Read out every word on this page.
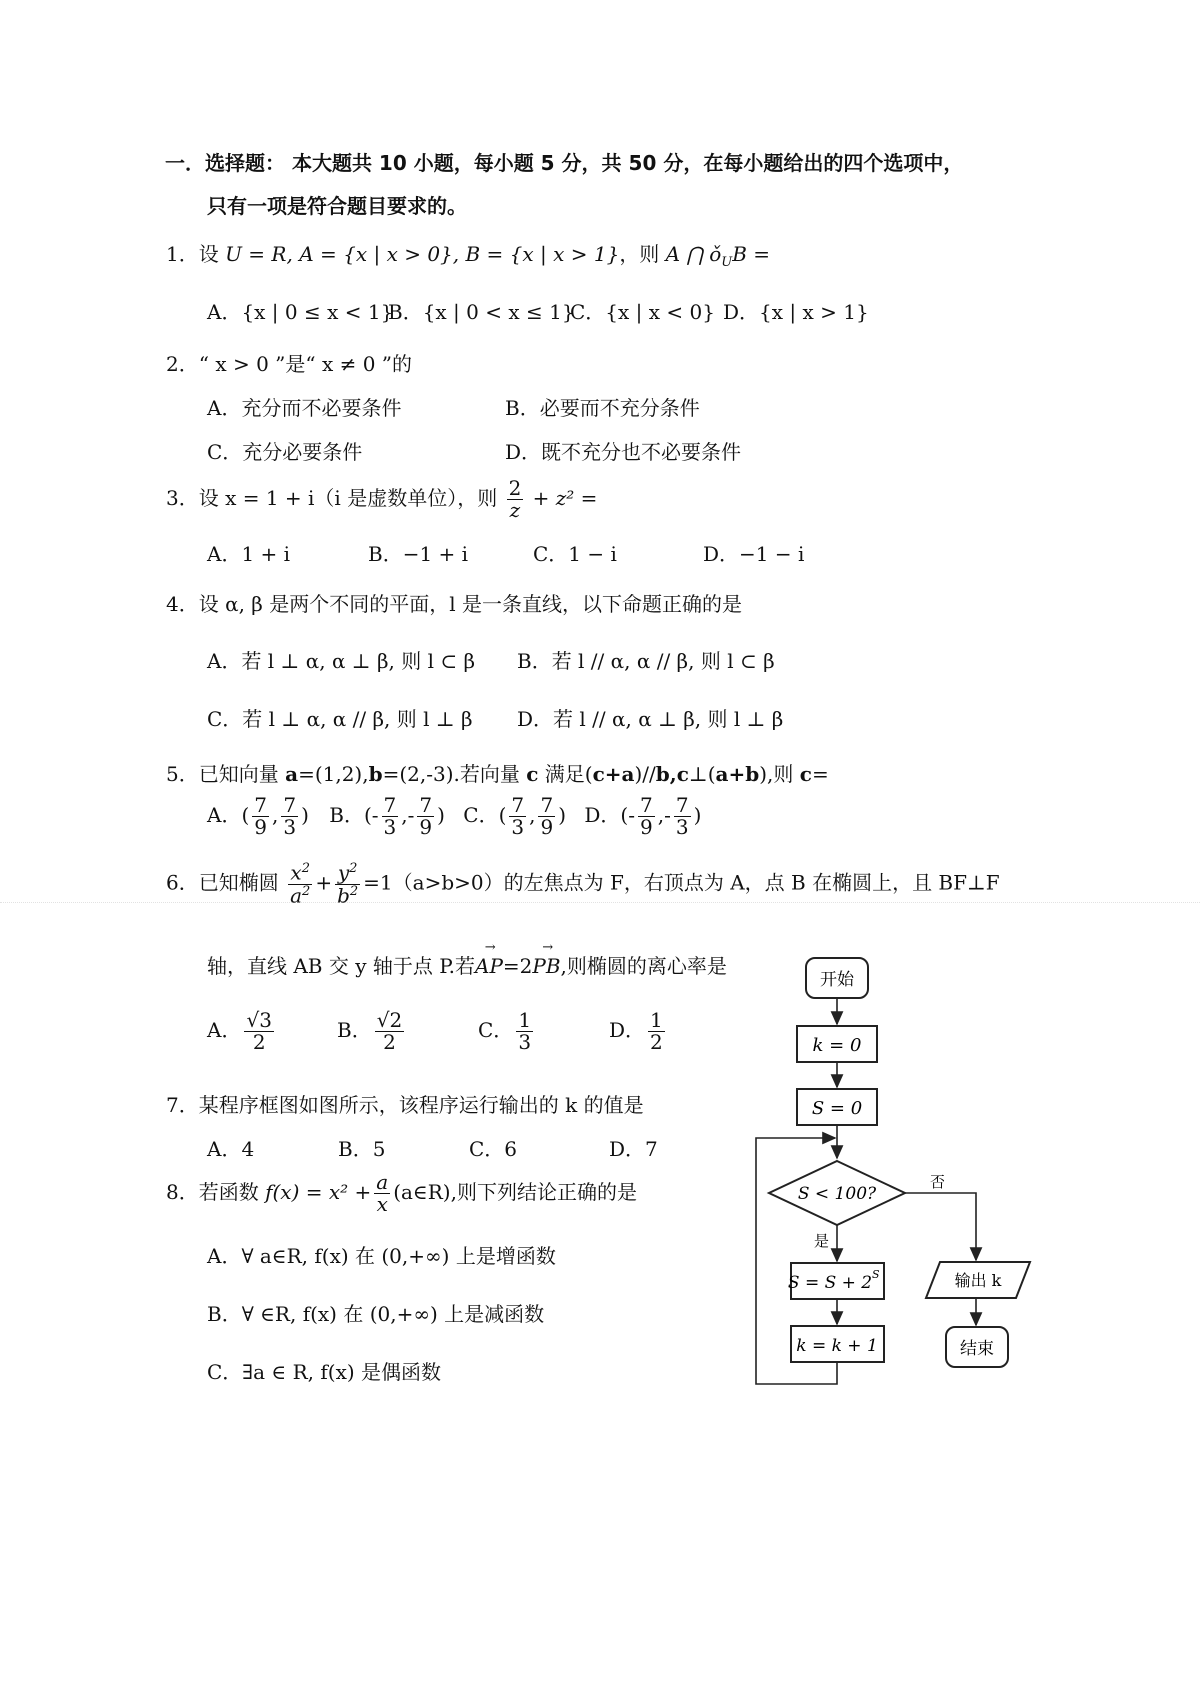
一．选择题： 本大题共 10 小题，每小题 5 分，共 50 分，在每小题给出的四个选项中，
只有一项是符合题目要求的。
1．设 U = R, A = {x | x > 0}, B = {x | x > 1}，则 A ⋂ $ǒ_UB$ =
A．{x | 0 ≤ x < 1}
B．{x | 0 < x ≤ 1}
C．{x | x < 0} D．{x | x > 1}
2．“ x > 0 ”是“ x ≠ 0 ”的
A．充分而不必要条件	B．必要而不充分条件
C．充分必要条件	D．既不充分也不必要条件
3．设 x = 1 + i（i 是虚数单位），则 $\frac{2}{z} + z^2$ =
A．1 + i	B．−1 + i	C．1 − i	D．−1 − i
4．设 α, β 是两个不同的平面，l 是一条直线，以下命题正确的是
A．若 l ⊥ α, α ⊥ β, 则 l ⊂ β B．若 l // α, α // β, 则 l ⊂ β
C．若 l ⊥ α, α // β, 则 l ⊥ β D．若 l // α, α ⊥ β, 则 l ⊥ β
5．已知向量 a=(1,2),b=(2,-3).若向量 c 满足(c+a)//b,c⊥(a+b),则 c=
A．( $\frac{7}{9}$ , $\frac{7}{3}$ ) B．(- $\frac{7}{3}$ ,- $\frac{7}{9}$ ) C．( $\frac{7}{3}$ , $\frac{7}{9}$ ) D．(- $\frac{7}{9}$ ,- $\frac{7}{3}$ )
6．已知椭圆 $\frac{x^2}{a^2} + \frac{y^2}{b^2} =1(a>b>0)$的左焦点为 F，右顶点为 A，点 B 在椭圆上，且 BF⊥F
轴，直线 AB 交 y 轴于点 P.若→ AP=2→ PB,则椭圆的离心率是
A． $\frac{√3}{2}$	B． $\frac{√2}{2}$	C． $\frac{1}{3}$	D． $\frac{1}{2}$
7．某程序框图如图所示，该程序运行输出的 k 的值是
A．4	B．5	C．6	D．7
8．若函数 $f(x) = x^2 + \frac{a}{x}$ (a∈R),则下列结论正确的是
A．∀ a∈R, f(x) 在 (0,+∞) 上是增函数
B．∀ ∈R, f(x) 在 (0,+∞) 上是减函数
C．∃a ∈ R, f(x) 是偶函数
开始
k = 0
S = 0
S < 100?
否
是
S = S + 2 S
k = k + 1
输出 k
结束
